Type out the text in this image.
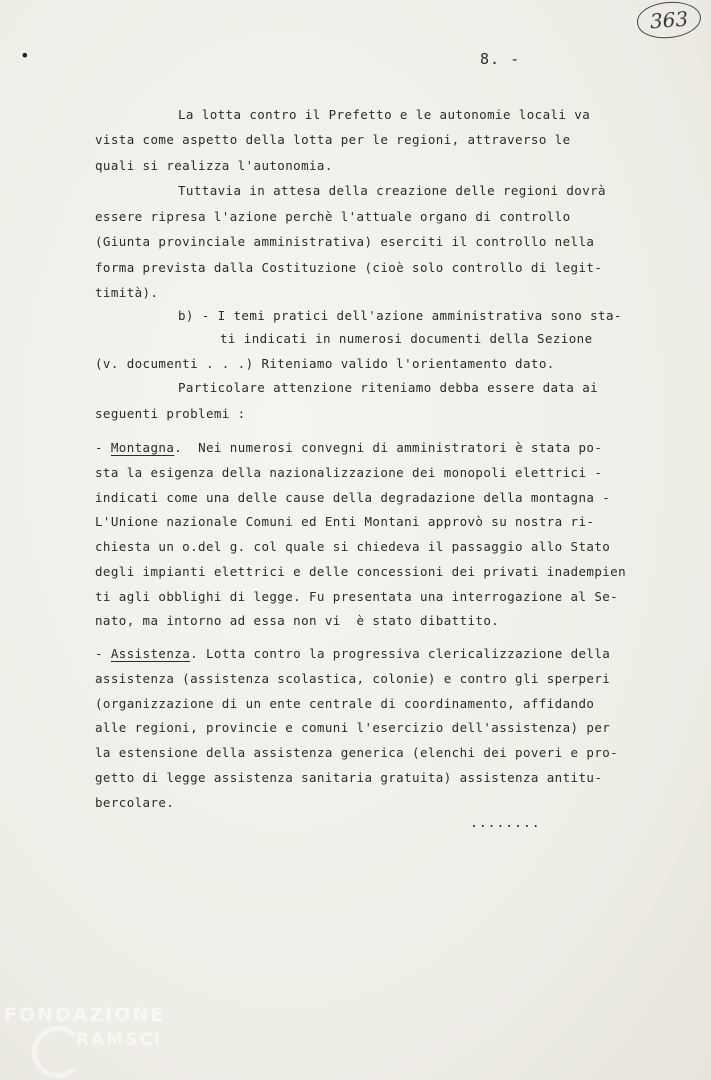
363
•	8. -
La lotta contro il Prefetto e le autonomie locali va
vista come aspetto della lotta per le regioni, attraverso le
quali si realizza l'autonomia.
Tuttavia in attesa della creazione delle regioni dovrà
essere ripresa l'azione perchè l'attuale organo di controllo
(Giunta provinciale amministrativa) eserciti il controllo nella
forma prevista dalla Costituzione (cioè solo controllo di legit-
timità).
b) - I temi pratici dell'azione amministrativa sono sta-
ti indicati in numerosi documenti della Sezione
(v. documenti . . .) Riteniamo valido l'orientamento dato.
Particolare attenzione riteniamo debba essere data ai
seguenti problemi :
- Montagna. Nei numerosi convegni di amministratori è stata po-
sta la esigenza della nazionalizzazione dei monopoli elettrici -
indicati come una delle cause della degradazione della montagna -
L'Unione nazionale Comuni ed Enti Montani approvò su nostra ri-
chiesta un o.del g. col quale si chiedeva il passaggio allo Stato
degli impianti elettrici e delle concessioni dei privati inadempien
ti agli obblighi di legge. Fu presentata una interrogazione al Se-
nato, ma intorno ad essa non vi  è stato dibattito.
- Assistenza. Lotta contro la progressiva clericalizzazione della
assistenza (assistenza scolastica, colonie) e contro gli sperperi
(organizzazione di un ente centrale di coordinamento, affidando
alle regioni, provincie e comuni l'esercizio dell'assistenza) per
la estensione della assistenza generica (elenchi dei poveri e pro-
getto di legge assistenza sanitaria gratuita) assistenza antitu-
bercolare.
........
FONDAZIONE
RAMSCI
